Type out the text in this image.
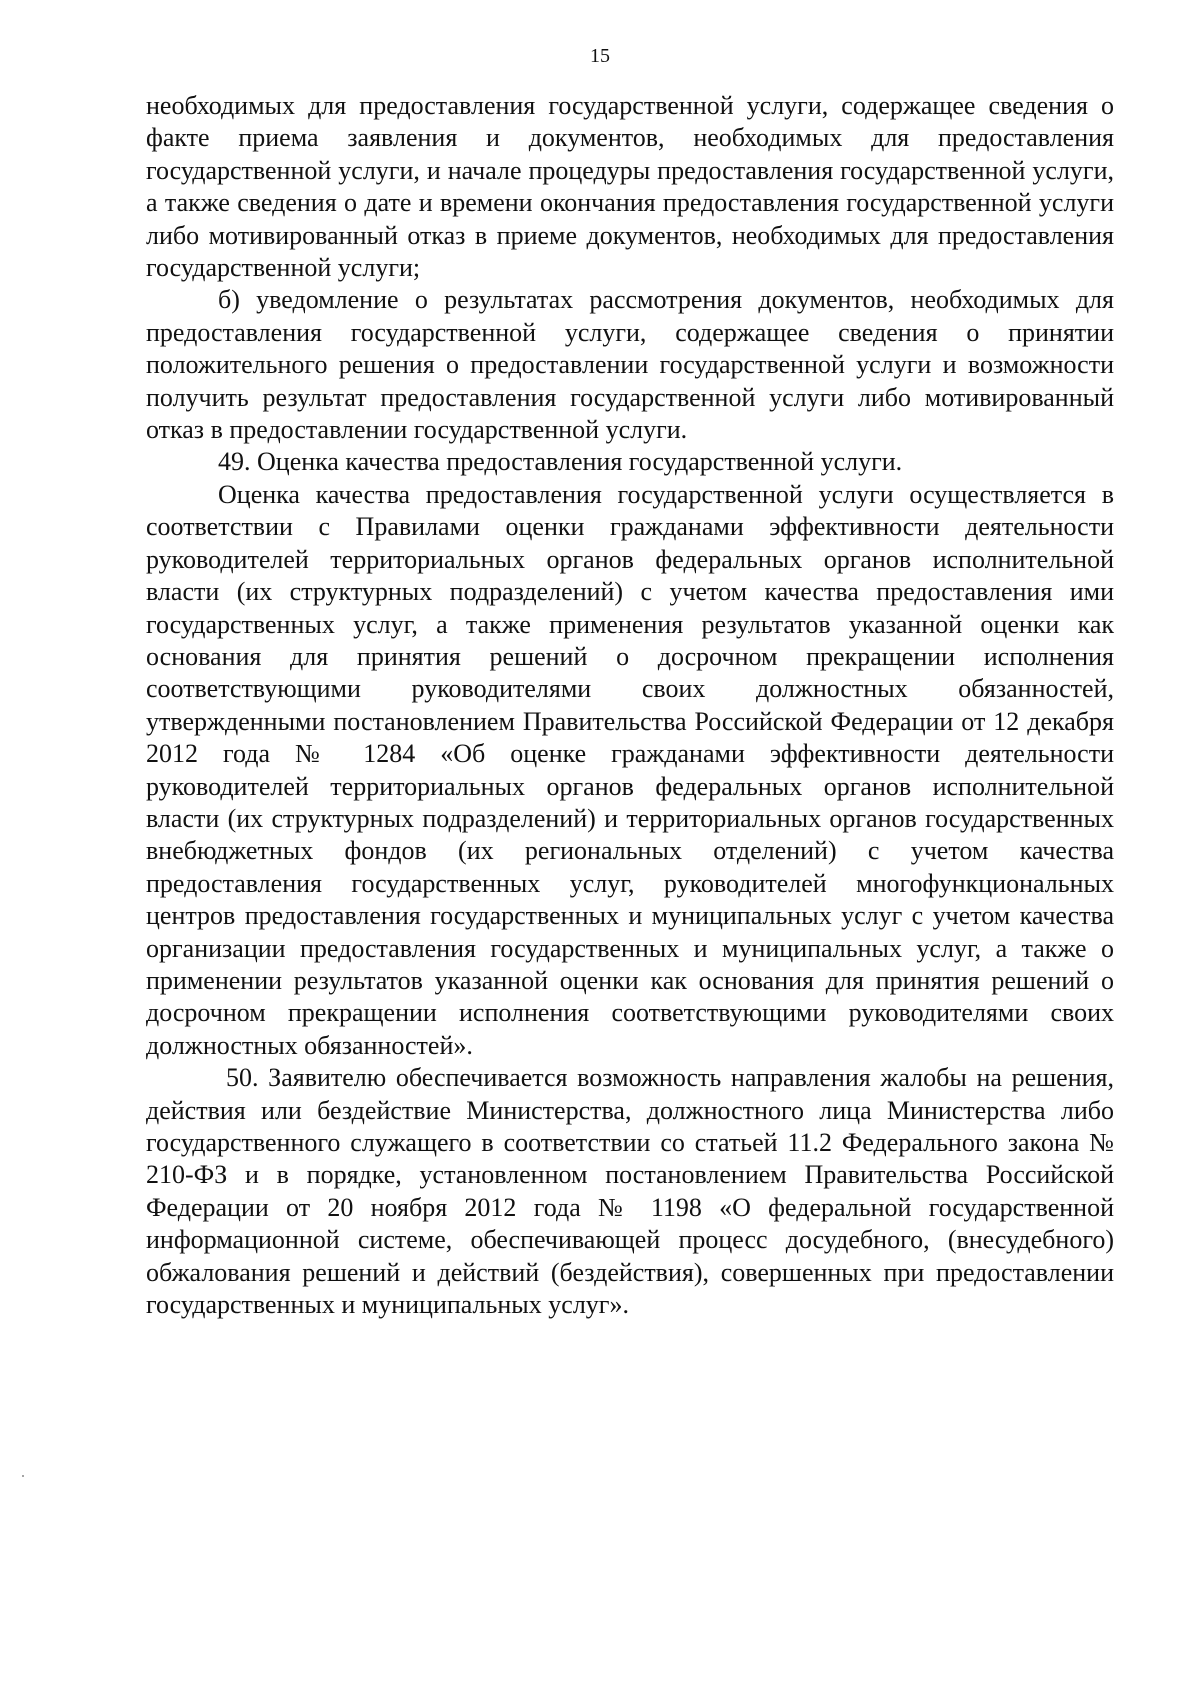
15

необходимых для предоставления государственной услуги, содержащее сведения о факте приема заявления и документов, необходимых для предоставления государственной услуги, и начале процедуры предоставления государственной услуги, а также сведения о дате и времени окончания предоставления государственной услуги либо мотивированный отказ в приеме документов, необходимых для предоставления государственной услуги;

б) уведомление о результатах рассмотрения документов, необходимых для предоставления государственной услуги, содержащее сведения о принятии положительного решения о предоставлении государственной услуги и возможности получить результат предоставления государственной услуги либо мотивированный отказ в предоставлении государственной услуги.

49. Оценка качества предоставления государственной услуги.

Оценка качества предоставления государственной услуги осуществляется в соответствии с Правилами оценки гражданами эффективности деятельности руководителей территориальных органов федеральных органов исполнительной власти (их структурных подразделений) с учетом качества предоставления ими государственных услуг, а также применения результатов указанной оценки как основания для принятия решений о досрочном прекращении исполнения соответствующими руководителями своих должностных обязанностей, утвержденными постановлением Правительства Российской Федерации от 12 декабря 2012 года № 1284 «Об оценке гражданами эффективности деятельности руководителей территориальных органов федеральных органов исполнительной власти (их структурных подразделений) и территориальных органов государственных внебюджетных фондов (их региональных отделений) с учетом качества предоставления государственных услуг, руководителей многофункциональных центров предоставления государственных и муниципальных услуг с учетом качества организации предоставления государственных и муниципальных услуг, а также о применении результатов указанной оценки как основания для принятия решений о досрочном прекращении исполнения соответствующими руководителями своих должностных обязанностей».

50. Заявителю обеспечивается возможность направления жалобы на решения, действия или бездействие Министерства, должностного лица Министерства либо государственного служащего в соответствии со статьей 11.2 Федерального закона № 210-ФЗ и в порядке, установленном постановлением Правительства Российской Федерации от 20 ноября 2012 года № 1198 «О федеральной государственной информационной системе, обеспечивающей процесс досудебного, (внесудебного) обжалования решений и действий (бездействия), совершенных при предоставлении государственных и муниципальных услуг».
